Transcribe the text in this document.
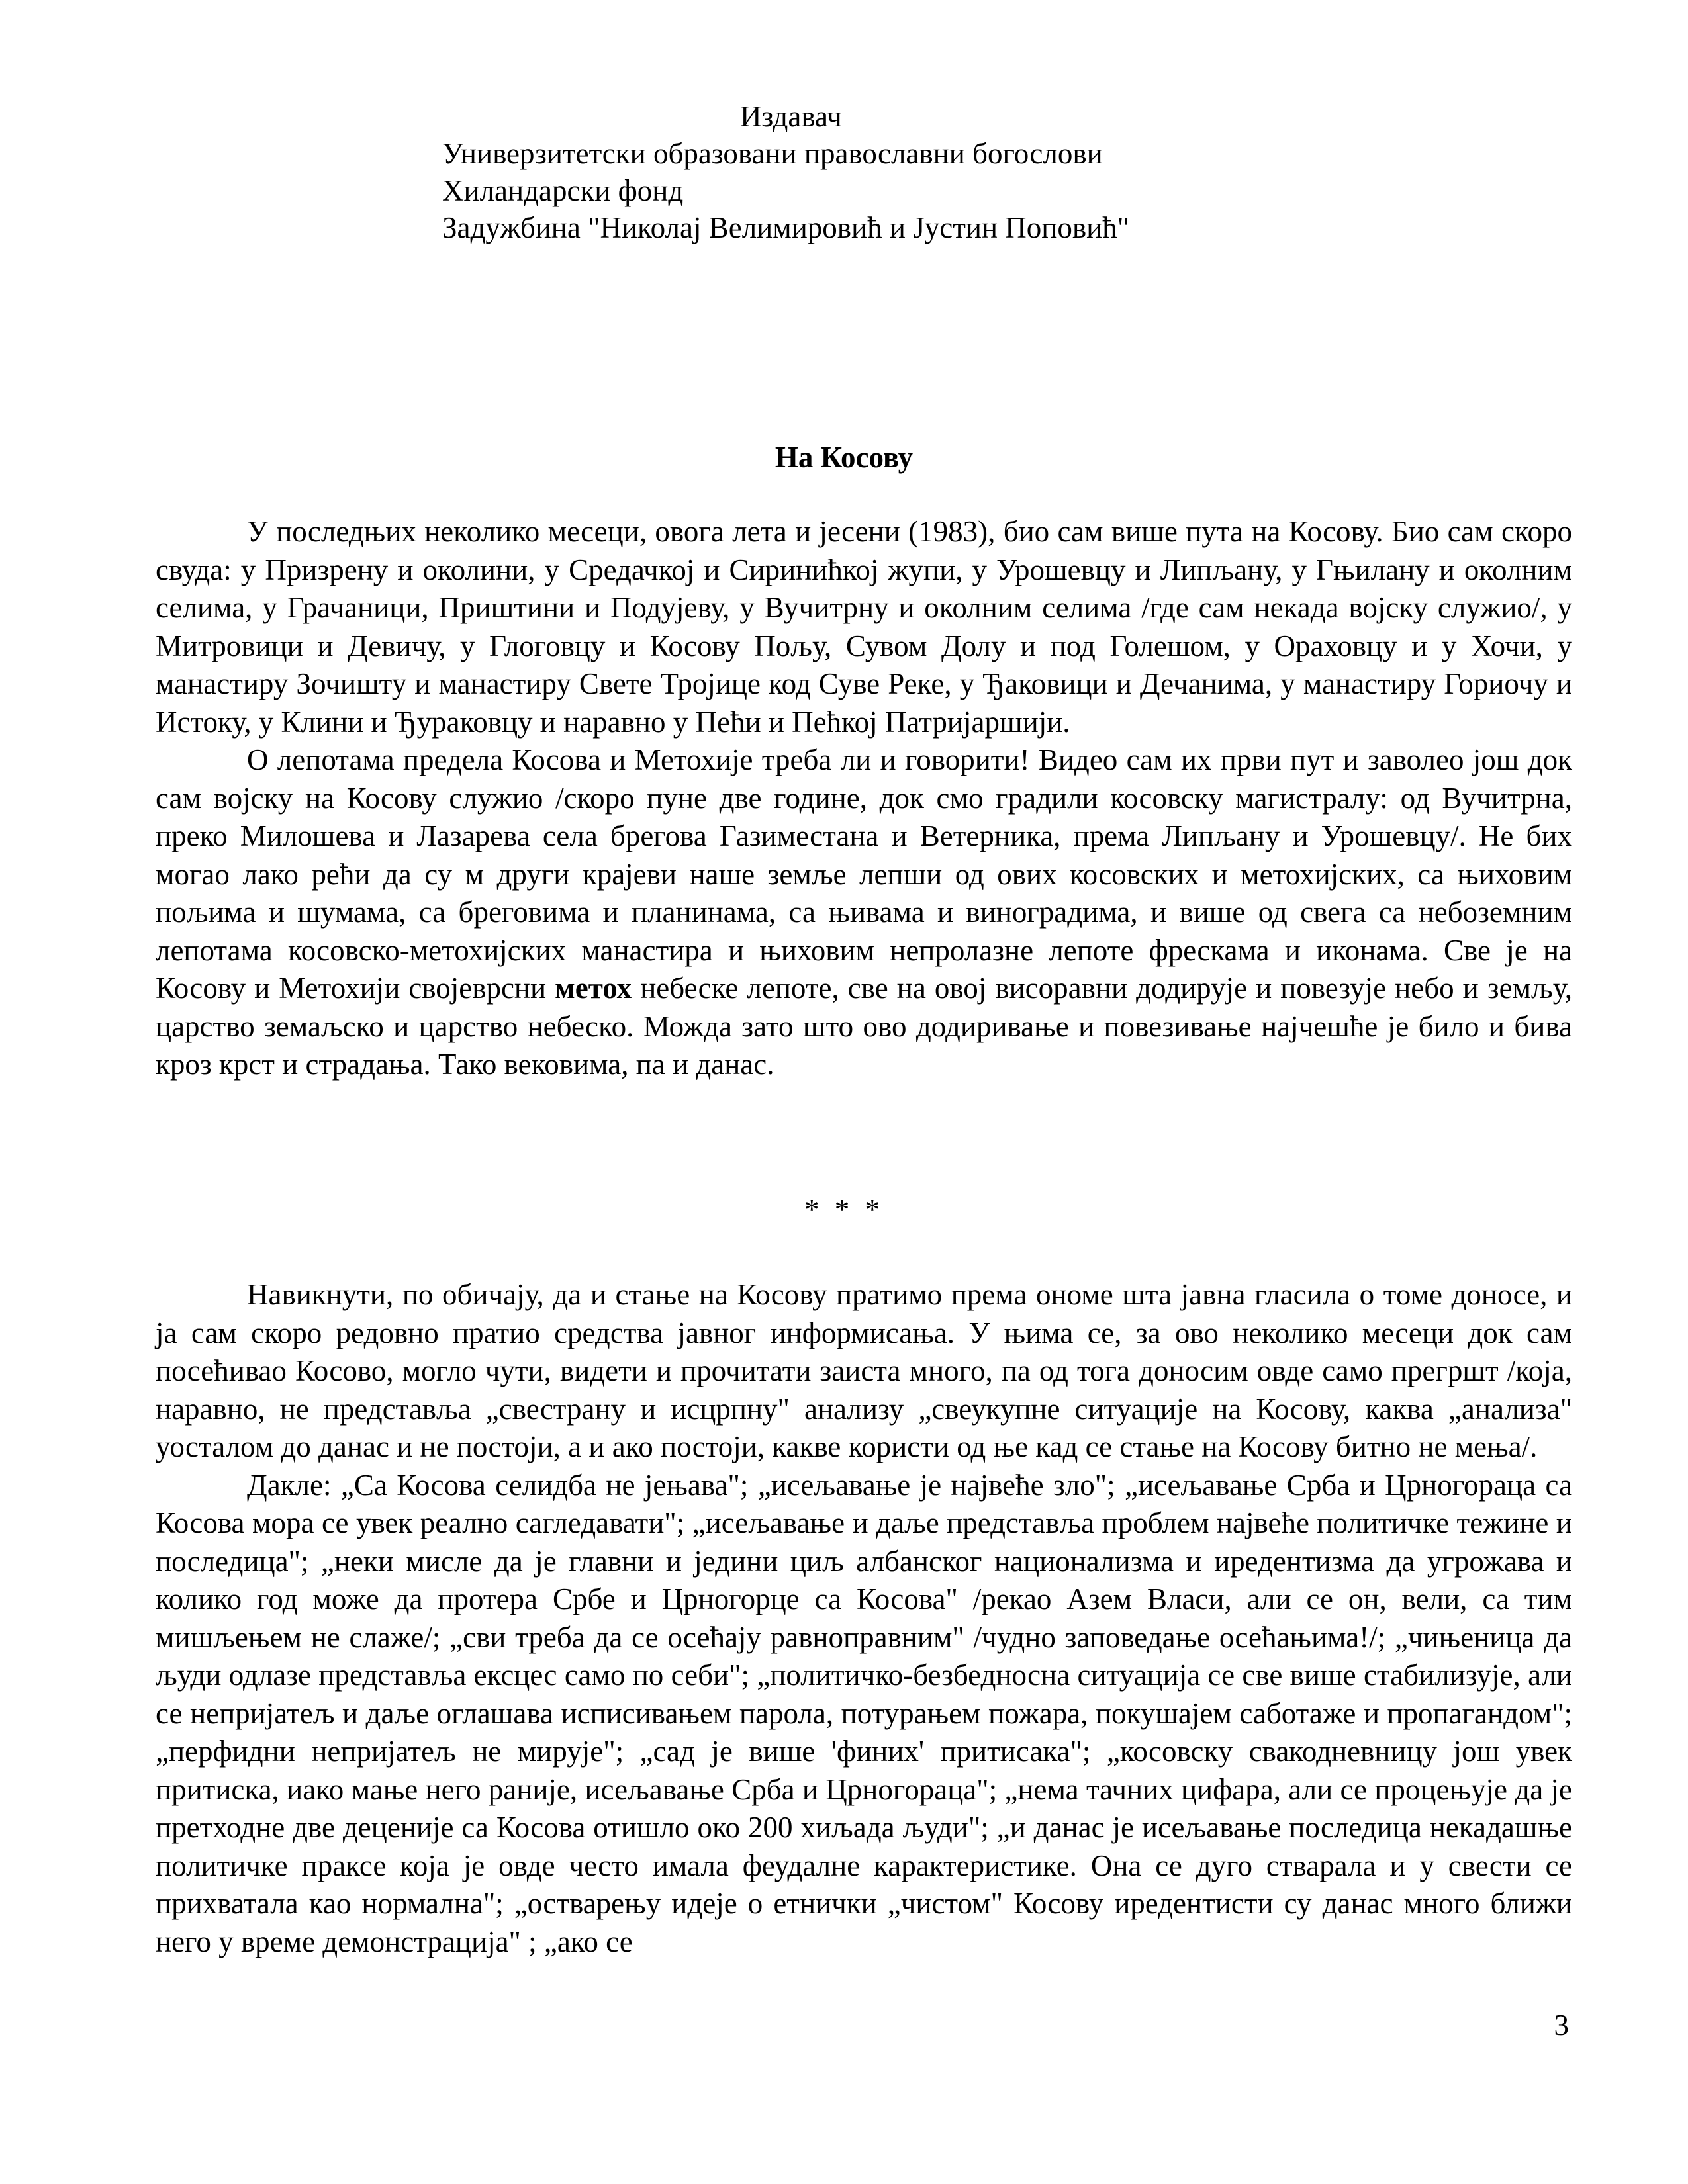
Издавач
Универзитетски образовани православни богослови
Хиландарски фонд
Задужбина "Николај Велимировић и Јустин Поповић"
На Косову

У последњих неколико месеци, овога лета и јесени (1983), био сам више пута на Косову. Био сам скоро свуда: у Призрену и околини, у Средачкој и Сиринићкој жупи, у Урошевцу и Липљану, у Гњилану и околним селима, у Грачаници, Приштини и Подујеву, у Вучитрну и околним селима /где сам некада војску служио/, у Митровици и Девичу, у Глоговцу и Косову Пољу, Сувом Долу и под Голешом, у Ораховцу и у Хочи, у манастиру Зочишту и манастиру Свете Тројице код Суве Реке, у Ђаковици и Дечанима, у манастиру Гориочу и Истоку, у Клини и Ђураковцу и наравно у Пећи и Пећкој Патријаршији.

О лепотама предела Косова и Метохије треба ли и говорити! Видео сам их први пут и заволео још док сам војску на Косову служио /скоро пуне две године, док смо градили косовску магистралу: од Вучитрна, преко Милошева и Лазарева села брегова Газиместана и Ветерника, према Липљану и Урошевцу/. Не бих могао лако рећи да су м други крајеви наше земље лепши од ових косовских и метохијских, са њиховим пољима и шумама, са бреговима и планинама, са њивама и виноградима, и више од свега са небоземним лепотама косовско-метохијских манастира и њиховим непролазне лепоте фрескама и иконама. Све је на Косову и Метохији својеврсни метох небеске лепоте, све на овој висоравни додирује и повезује небо и земљу, царство земаљско и царство небеско. Можда зато што ово додиривање и повезивање најчешће је било и бива кроз крст и страдања. Тако вековима, па и данас.

* * *

Навикнути, по обичају, да и стање на Косову пратимо према ономе шта јавна гласила о томе доносе, и ја сам скоро редовно пратио средства јавног информисања. У њима се, за ово неколико месеци док сам посећивао Косово, могло чути, видети и прочитати заиста много, па од тога доносим овде само прегршт /која, наравно, не представља „свестрану и исцрпну" анализу „свеукупне ситуације на Косову, каква „анализа" уосталом до данас и не постоји, а и ако постоји, какве користи од ње кад се стање на Косову битно не мења/.

Дакле: „Са Косова селидба не јењава"; „исељавање је највеће зло"; „исељавање Срба и Црногораца са Косова мора се увек реално сагледавати"; „исељавање и даље представља проблем највеће политичке тежине и последица"; „неки мисле да је главни и једини циљ албанског национализма и иредентизма да угрожава и колико год може да протера Србе и Црногорце са Косова" /рекао Азем Власи, али се он, вели, са тим мишљењем не слаже/; „сви треба да се осећају равноправним" /чудно заповедање осећањима!/; „чињеница да људи одлазе представља ексцес само по себи"; „политичко-безбедносна ситуација се све више стабилизује, али се непријатељ и даље оглашава исписивањем парола, потурањем пожара, покушајем саботаже и пропагандом"; „перфидни непријатељ не мирује"; „сад је више 'финих' притисака"; „косовску свакодневницу још увек притиска, иако мање него раније, исељавање Срба и Црногораца"; „нема тачних цифара, али се процењује да је претходне две деценије са Косова отишло око 200 хиљада људи"; „и данас је исељавање последица некадашње политичке праксе која је овде често имала феудалне карактеристике. Она се дуго стварала и у свести се прихватала као нормална"; „остварењу идеје о етнички „чистом" Косову иредентисти су данас много ближи него у време демонстрација" ; „ако се

3
